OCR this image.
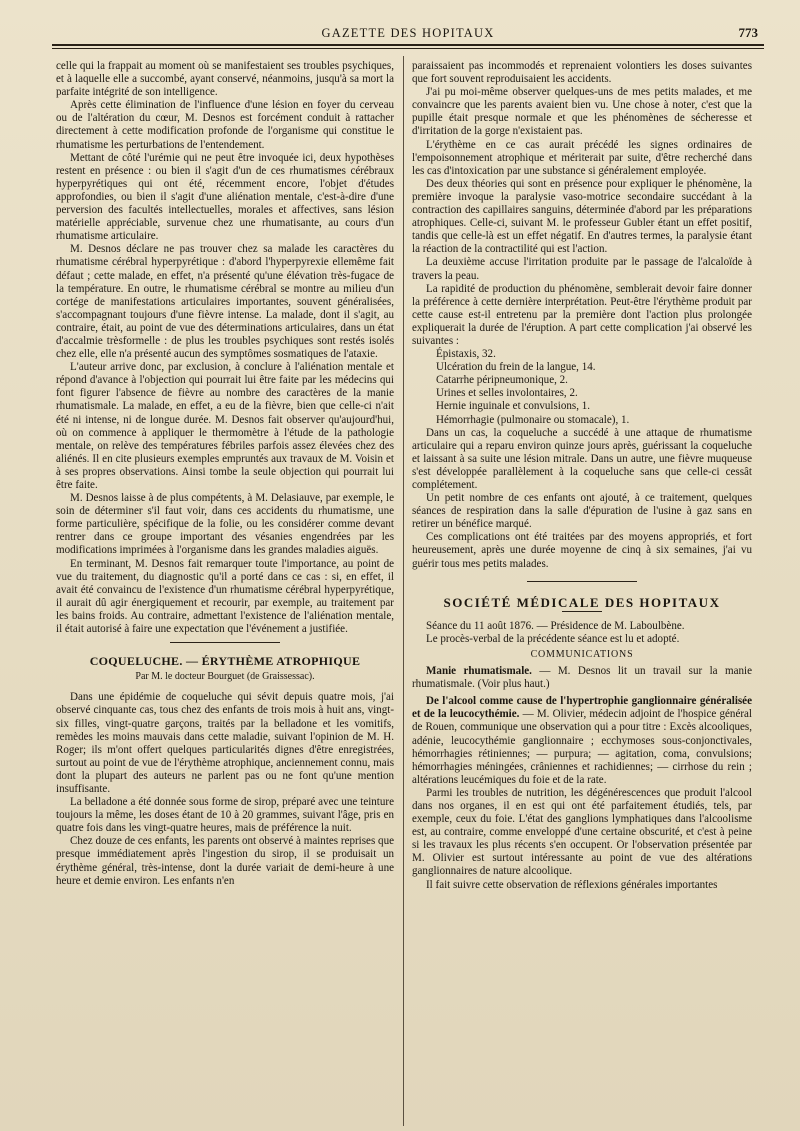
GAZETTE DES HOPITAUX	773

celle qui la frappait au moment où se manifestaient ses troubles psychiques, et à laquelle elle a succombé, ayant conservé, néanmoins, jusqu'à sa mort la parfaite intégrité de son intelligence.

Après cette élimination de l'influence d'une lésion en foyer du cerveau ou de l'altération du cœur, M. Desnos est forcément conduit à rattacher directement à cette modification profonde de l'organisme qui constitue le rhumatisme les perturbations de l'entendement.

Mettant de côté l'urémie qui ne peut être invoquée ici, deux hypothèses restent en présence : ou bien il s'agit d'un de ces rhumatismes cérébraux hyperpyrétiques qui ont été, récemment encore, l'objet d'études approfondies, ou bien il s'agit d'une aliénation mentale, c'est-à-dire d'une perversion des facultés intellectuelles, morales et affectives, sans lésion matérielle appréciable, survenue chez une rhumatisante, au cours d'un rhumatisme articulaire.

M. Desnos déclare ne pas trouver chez sa malade les caractères du rhumatisme cérébral hyperpyrétique : d'abord l'hyperpyrexie ellemême fait défaut ; cette malade, en effet, n'a présenté qu'une élévation très-fugace de la température. En outre, le rhumatisme cérébral se montre au milieu d'un cortége de manifestations articulaires importantes, souvent généralisées, s'accompagnant toujours d'une fièvre intense. La malade, dont il s'agit, au contraire, était, au point de vue des déterminations articulaires, dans un état d'accalmie trèsformelle : de plus les troubles psychiques sont restés isolés chez elle, elle n'a présenté aucun des symptômes sosmatiques de l'ataxie.

L'auteur arrive donc, par exclusion, à conclure à l'aliénation mentale et répond d'avance à l'objection qui pourrait lui être faite par les médecins qui font figurer l'absence de fièvre au nombre des caractères de la manie rhumatismale. La malade, en effet, a eu de la fièvre, bien que celle-ci n'ait été ni intense, ni de longue durée. M. Desnos fait observer qu'aujourd'hui, où on commence à appliquer le thermomètre à l'étude de la pathologie mentale, on relève des températures fébriles parfois assez élevées chez des aliénés. Il en cite plusieurs exemples empruntés aux travaux de M. Voisin et à ses propres observations. Ainsi tombe la seule objection qui pourrait lui être faite.

M. Desnos laisse à de plus compétents, à M. Delasiauve, par exemple, le soin de déterminer s'il faut voir, dans ces accidents du rhumatisme, une forme particulière, spécifique de la folie, ou les considérer comme devant rentrer dans ce groupe important des vésanies engendrées par les modifications imprimées à l'organisme dans les grandes maladies aiguës.

En terminant, M. Desnos fait remarquer toute l'importance, au point de vue du traitement, du diagnostic qu'il a porté dans ce cas : si, en effet, il avait été convaincu de l'existence d'un rhumatisme cérébral hyperpyrétique, il aurait dû agir énergiquement et recourir, par exemple, au traitement par les bains froids. Au contraire, admettant l'existence de l'aliénation mentale, il était autorisé à faire une expectation que l'événement a justifiée.

COQUELUCHE. — ÉRYTHÈME ATROPHIQUE
Par M. le docteur Bourguet (de Graissessac).

Dans une épidémie de coqueluche qui sévit depuis quatre mois, j'ai observé cinquante cas, tous chez des enfants de trois mois à huit ans, vingt-six filles, vingt-quatre garçons, traités par la belladone et les vomitifs, remèdes les moins mauvais dans cette maladie, suivant l'opinion de M. H. Roger; ils m'ont offert quelques particularités dignes d'être enregistrées, surtout au point de vue de l'érythème atrophique, anciennement connu, mais dont la plupart des auteurs ne parlent pas ou ne font qu'une mention insuffisante.

La belladone a été donnée sous forme de sirop, préparé avec une teinture toujours la même, les doses étant de 10 à 20 grammes, suivant l'âge, pris en quatre fois dans les vingt-quatre heures, mais de préférence la nuit.

Chez douze de ces enfants, les parents ont observé à maintes reprises que presque immédiatement après l'ingestion du sirop, il se produisait un érythème général, très-intense, dont la durée variait de demi-heure à une heure et demie environ. Les enfants n'en

paraissaient pas incommodés et reprenaient volontiers les doses suivantes que fort souvent reproduisaient les accidents.

J'ai pu moi-même observer quelques-uns de mes petits malades, et me convaincre que les parents avaient bien vu. Une chose à noter, c'est que la pupille était presque normale et que les phénomènes de sécheresse et d'irritation de la gorge n'existaient pas.

L'érythème en ce cas aurait précédé les signes ordinaires de l'empoisonnement atrophique et mériterait par suite, d'être recherché dans les cas d'intoxication par une substance si généralement employée.

Des deux théories qui sont en présence pour expliquer le phénomène, la première invoque la paralysie vaso-motrice secondaire succédant à la contraction des capillaires sanguins, déterminée d'abord par les préparations atrophiques. Celle-ci, suivant M. le professeur Gubler étant un effet positif, tandis que celle-là est un effet négatif. En d'autres termes, la paralysie étant la réaction de la contractilité qui est l'action.

La deuxième accuse l'irritation produite par le passage de l'alcaloïde à travers la peau.

La rapidité de production du phénomène, semblerait devoir faire donner la préférence à cette dernière interprétation. Peut-être l'érythème produit par cette cause est-il entretenu par la première dont l'action plus prolongée expliquerait la durée de l'éruption. A part cette complication j'ai observé les suivantes :

Épistaxis, 32.

Ulcération du frein de la langue, 14.

Catarrhe péripneumonique, 2.

Urines et selles involontaires, 2.

Hernie inguinale et convulsions, 1.

Hémorrhagie (pulmonaire ou stomacale), 1.

Dans un cas, la coqueluche a succédé à une attaque de rhumatisme articulaire qui a reparu environ quinze jours après, guérissant la coqueluche et laissant à sa suite une lésion mitrale. Dans un autre, une fièvre muqueuse s'est développée parallèlement à la coqueluche sans que celle-ci cessât complétement.

Un petit nombre de ces enfants ont ajouté, à ce traitement, quelques séances de respiration dans la salle d'épuration de l'usine à gaz sans en retirer un bénéfice marqué.

Ces complications ont été traitées par des moyens appropriés, et fort heureusement, après une durée moyenne de cinq à six semaines, j'ai vu guérir tous mes petits malades.

SOCIÉTÉ MÉDICALE DES HOPITAUX

Séance du 11 août 1876. — Présidence de M. Laboulbène.

Le procès-verbal de la précédente séance est lu et adopté.

COMMUNICATIONS

Manie rhumatismale. — M. Desnos lit un travail sur la manie rhumatismale. (Voir plus haut.)

De l'alcool comme cause de l'hypertrophie ganglionnaire généralisée et de la leucocythémie. — M. Olivier, médecin adjoint de l'hospice général de Rouen, communique une observation qui a pour titre : Excès alcooliques, adénie, leucocythémie ganglionnaire ; ecchymoses sous-conjonctivales, hémorrhagies rétiniennes; — purpura; — agitation, coma, convulsions; hémorrhagies méningées, crâniennes et rachidiennes; — cirrhose du rein ; altérations leucémiques du foie et de la rate.

Parmi les troubles de nutrition, les dégénérescences que produit l'alcool dans nos organes, il en est qui ont été parfaitement étudiés, tels, par exemple, ceux du foie. L'état des ganglions lymphatiques dans l'alcoolisme est, au contraire, comme enveloppé d'une certaine obscurité, et c'est à peine si les travaux les plus récents s'en occupent. Or l'observation présentée par M. Olivier est surtout intéressante au point de vue des altérations ganglionnaires de nature alcoolique.

Il fait suivre cette observation de réflexions générales importantes
